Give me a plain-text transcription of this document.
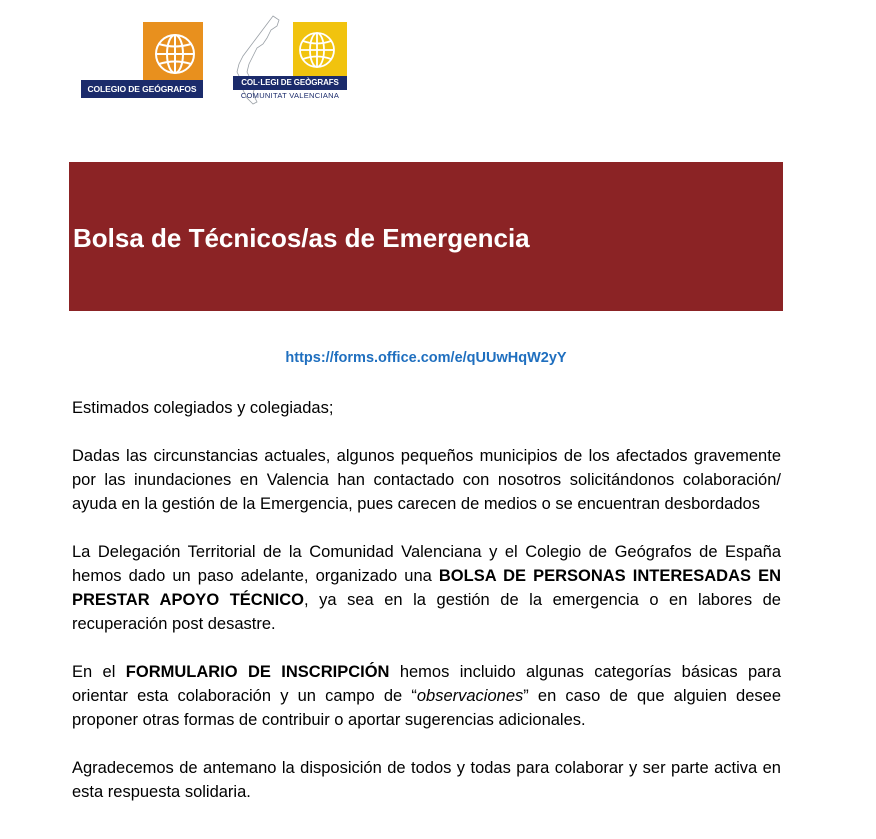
COLEGIO DE GEÓGRAFOS
COL·LEGI DE GEÒGRAFS
COMUNITAT VALENCIANA
Bolsa de Técnicos/as de Emergencia
https://forms.office.com/e/qUUwHqW2yY

Estimados colegiados y colegiadas;

Dadas las circunstancias actuales, algunos pequeños municipios de los afectados gravemente por las inundaciones en Valencia han contactado con nosotros solicitándonos colaboración/ ayuda en la gestión de la Emergencia, pues carecen de medios o se encuentran desbordados

La Delegación Territorial de la Comunidad Valenciana y el Colegio de Geógrafos de España hemos dado un paso adelante, organizado una BOLSA DE PERSONAS INTERESADAS EN PRESTAR APOYO TÉCNICO, ya sea en la gestión de la emergencia o en labores de recuperación post desastre.

En el FORMULARIO DE INSCRIPCIÓN hemos incluido algunas categorías básicas para orientar esta colaboración y un campo de “observaciones” en caso de que alguien desee proponer otras formas de contribuir o aportar sugerencias adicionales.

Agradecemos de antemano la disposición de todos y todas para colaborar y ser parte activa en esta respuesta solidaria.
